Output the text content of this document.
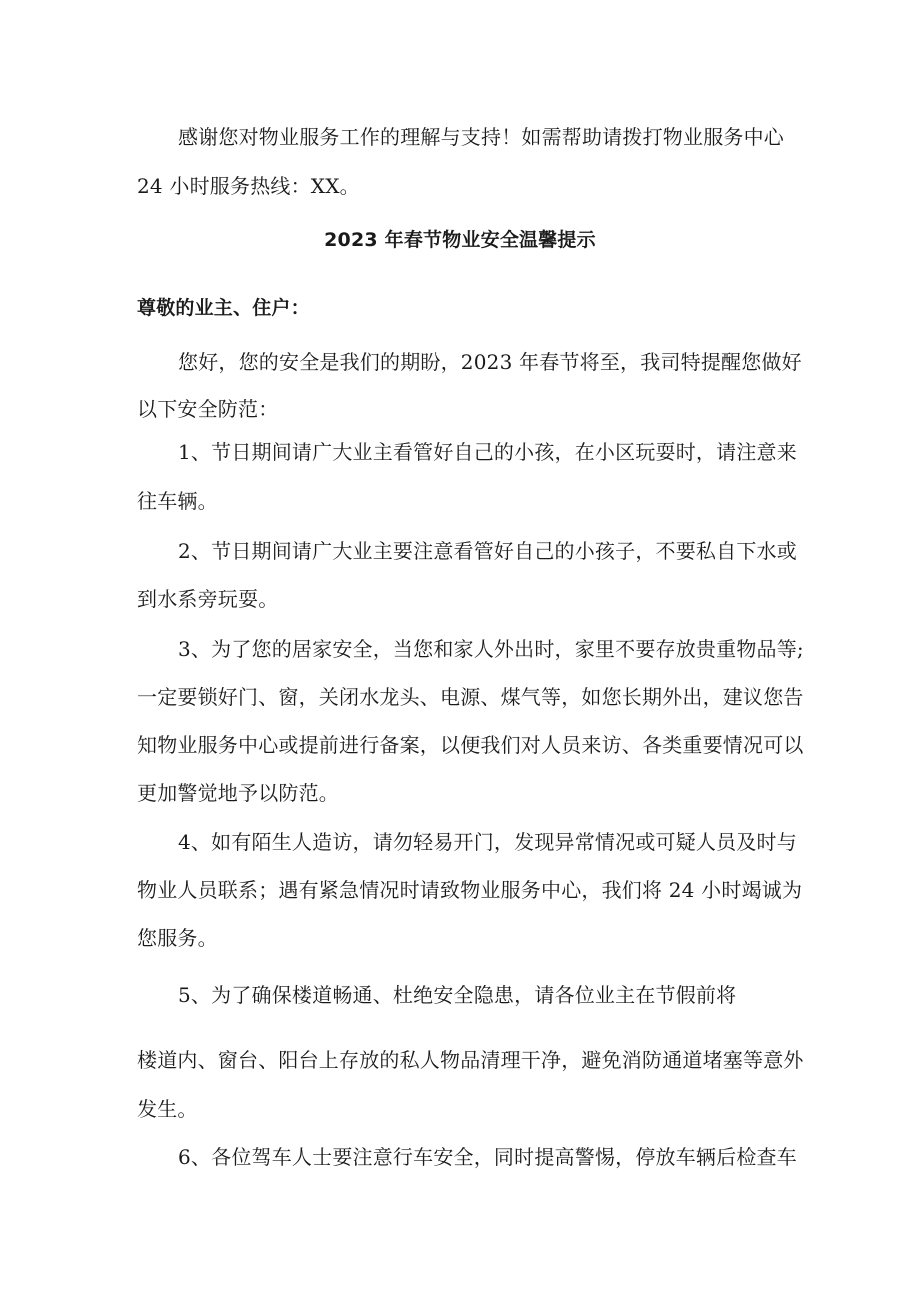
感谢您对物业服务工作的理解与支持！如需帮助请拨打物业服务中心
24 小时服务热线：XX。
2023 年春节物业安全温馨提示
尊敬的业主、住户：
您好，您的安全是我们的期盼，2023 年春节将至，我司特提醒您做好
以下安全防范：
1、节日期间请广大业主看管好自己的小孩，在小区玩耍时，请注意来
往车辆。
2、节日期间请广大业主要注意看管好自己的小孩子，不要私自下水或
到水系旁玩耍。
3、为了您的居家安全，当您和家人外出时，家里不要存放贵重物品等;
一定要锁好门、窗，关闭水龙头、电源、煤气等，如您长期外出，建议您告
知物业服务中心或提前进行备案，以便我们对人员来访、各类重要情况可以
更加警觉地予以防范。
4、如有陌生人造访，请勿轻易开门，发现异常情况或可疑人员及时与
物业人员联系；遇有紧急情况时请致物业服务中心，我们将 24 小时竭诚为
您服务。
5、为了确保楼道畅通、杜绝安全隐患，请各位业主在节假前将
楼道内、窗台、阳台上存放的私人物品清理干净，避免消防通道堵塞等意外
发生。
6、各位驾车人士要注意行车安全，同时提高警惕，停放车辆后检查车
